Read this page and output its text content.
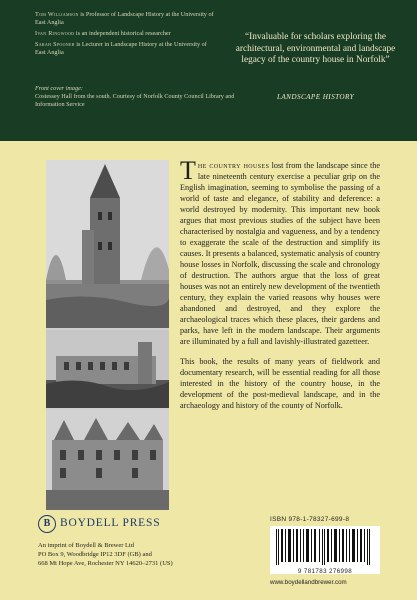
Tom Williamson is Professor of Landscape History at the University of East Anglia
Ivan Ringwood is an independent historical researcher
Sarah Spooner is Lecturer in Landscape History at the University of East Anglia
Front cover image:
Costessey Hall from the south. Courtesy of Norfolk County Council Library and Information Service
“Invaluable for scholars exploring the architectural, environmental and landscape legacy of the country house in Norfolk”
LANDSCAPE HISTORY

The country houses lost from the landscape since the late nineteenth century exercise a peculiar grip on the English imagination, seeming to symbolise the passing of a world of taste and elegance, of stability and deference: a world destroyed by modernity. This important new book argues that most previous studies of the subject have been characterised by nostalgia and vagueness, and by a tendency to exaggerate the scale of the destruction and simplify its causes. It presents a balanced, systematic analysis of country house losses in Norfolk, discussing the scale and chronology of destruction. The authors argue that the loss of great houses was not an entirely new development of the twentieth century, they explain the varied reasons why houses were abandoned and destroyed, and they explore the archaeological traces which these places, their gardens and parks, have left in the modern landscape. Their arguments are illuminated by a full and lavishly-illustrated gazetteer.

This book, the results of many years of fieldwork and documentary research, will be essential reading for all those interested in the history of the country house, in the development of the post-medieval landscape, and in the archaeology and history of the county of Norfolk.

B BOYDELL PRESS
An imprint of Boydell & Brewer Ltd
PO Box 9, Woodbridge IP12 3DF (GB) and
668 Mt Hope Ave, Rochester NY 14620–2731 (US)
ISBN 978-1-78327-699-8
9 781783 276998
www.boydellandbrewer.com
